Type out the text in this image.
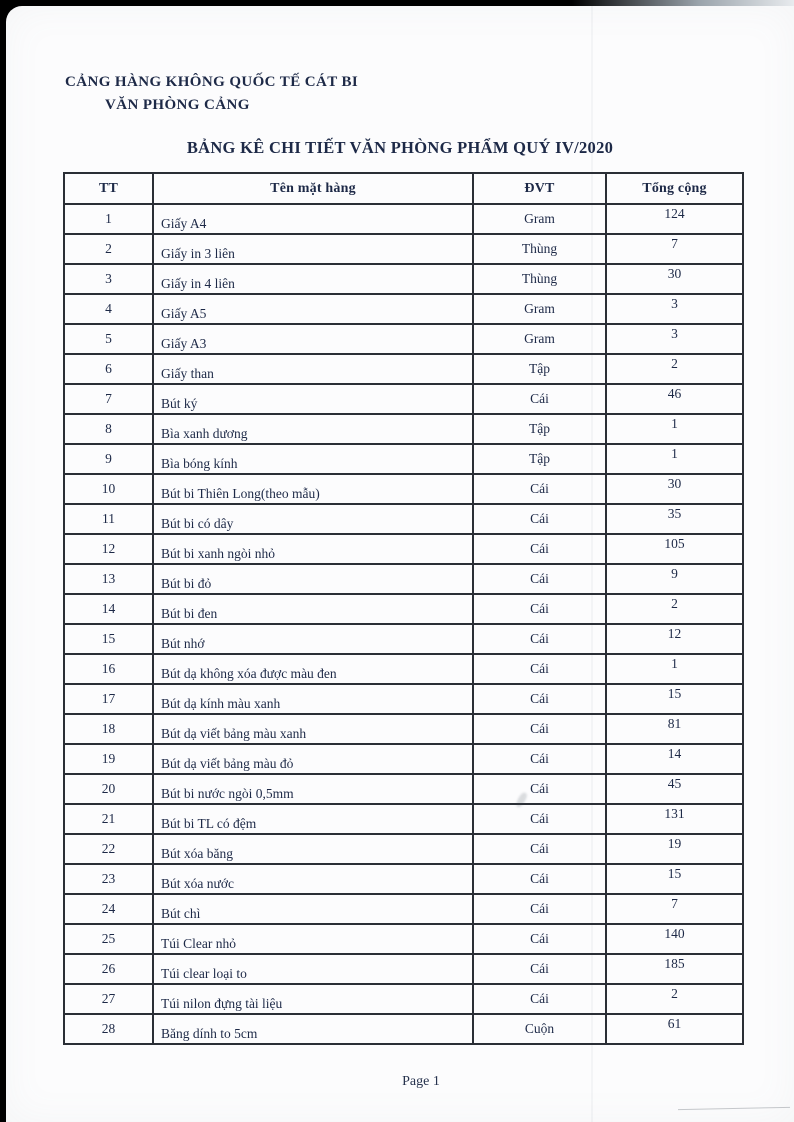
CẢNG HÀNG KHÔNG QUỐC TẾ CÁT BI
VĂN PHÒNG CẢNG
BẢNG KÊ CHI TIẾT VĂN PHÒNG PHẨM QUÝ IV/2020
TT	Tên mặt hàng	ĐVT	Tổng cộng
1	Giấy A4	Gram	124
2	Giấy in 3 liên	Thùng	7
3	Giấy in 4 liên	Thùng	30
4	Giấy A5	Gram	3
5	Giấy A3	Gram	3
6	Giấy than	Tập	2
7	Bút ký	Cái	46
8	Bìa xanh dương	Tập	1
9	Bìa bóng kính	Tập	1
10	Bút bi Thiên Long(theo mẫu)	Cái	30
11	Bút bi có dây	Cái	35
12	Bút bi xanh ngòi nhỏ	Cái	105
13	Bút bi đỏ	Cái	9
14	Bút bi đen	Cái	2
15	Bút nhớ	Cái	12
16	Bút dạ không xóa được màu đen	Cái	1
17	Bút dạ kính màu xanh	Cái	15
18	Bút dạ viết bảng màu xanh	Cái	81
19	Bút dạ viết bảng màu đỏ	Cái	14
20	Bút bi nước ngòi 0,5mm	Cái	45
21	Bút bi TL có đệm	Cái	131
22	Bút xóa băng	Cái	19
23	Bút xóa nước	Cái	15
24	Bút chì	Cái	7
25	Túi Clear nhỏ	Cái	140
26	Túi clear loại to	Cái	185
27	Túi nilon đựng tài liệu	Cái	2
28	Băng dính to 5cm	Cuộn	61
Page 1
